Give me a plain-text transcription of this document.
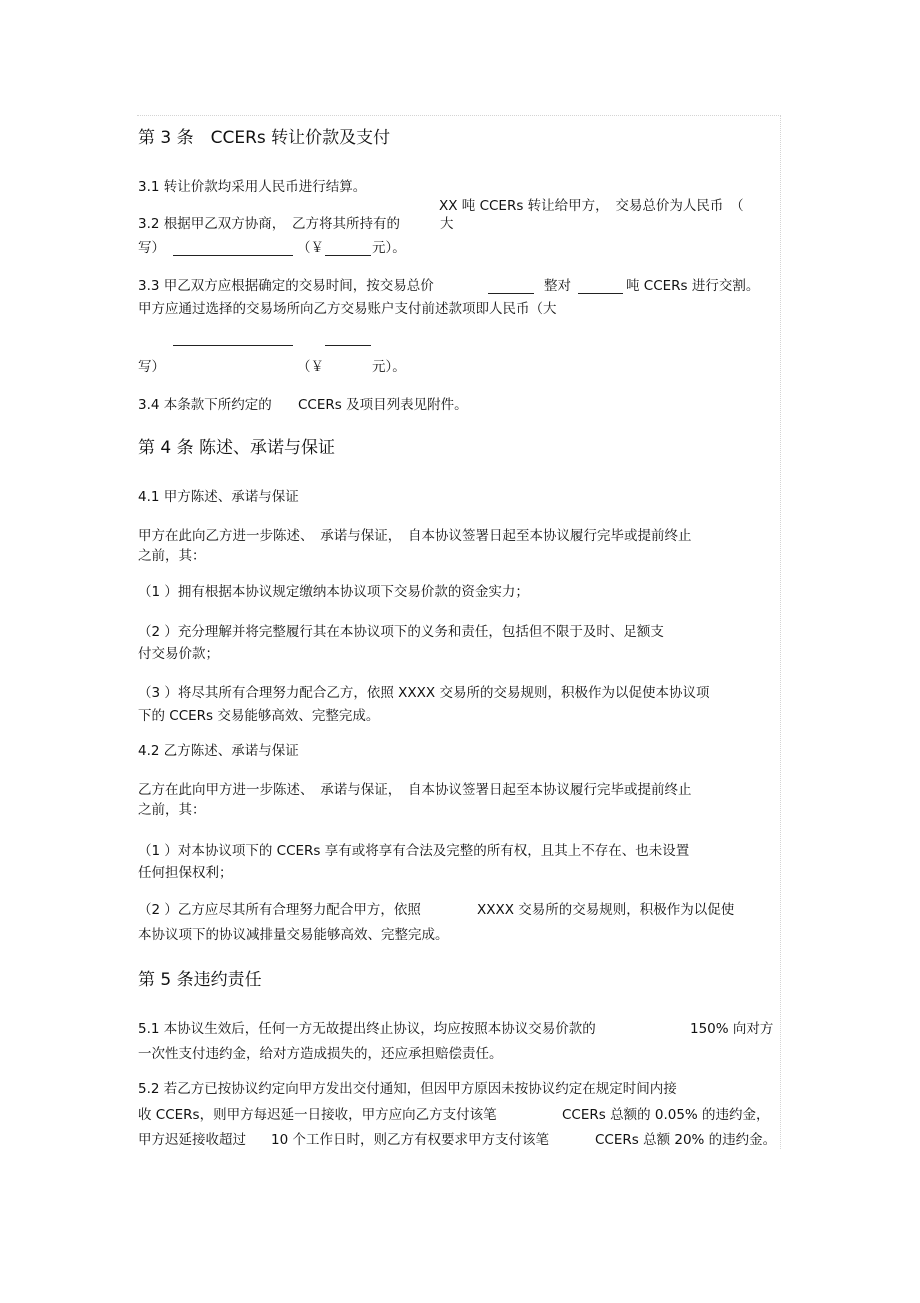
第 3 条　CCERs 转让价款及支付
3.1 转让价款均采用人民币进行结算。
XX 吨 CCERs 转让给甲方，　交易总价为人民币　（
3.2 根据甲乙双方协商，　乙方将其所持有的	大
写）	（￥	元）。
3.3 甲乙双方应根据确定的交易时间，按交易总价	整对	吨 CCERs 进行交割。
甲方应通过选择的交易场所向乙方交易账户支付前述款项即人民币（大
写）	（￥	元）。
3.4 本条款下所约定的 CCERs 及项目列表见附件。
第 4 条 陈述、承诺与保证
4.1 甲方陈述、承诺与保证
甲方在此向乙方进一步陈述、　承诺与保证，　自本协议签署日起至本协议履行完毕或提前终止
之前，其：
（1 ）拥有根据本协议规定缴纳本协议项下交易价款的资金实力；
（2 ）充分理解并将完整履行其在本协议项下的义务和责任，包括但不限于及时、足额支
付交易价款；
（3 ）将尽其所有合理努力配合乙方，依照 XXXX 交易所的交易规则，积极作为以促使本协议项
下的 CCERs 交易能够高效、完整完成。
4.2 乙方陈述、承诺与保证
乙方在此向甲方进一步陈述、　承诺与保证，　自本协议签署日起至本协议履行完毕或提前终止
之前，其：
（1 ）对本协议项下的 CCERs 享有或将享有合法及完整的所有权，且其上不存在、也未设置
任何担保权利；
（2 ）乙方应尽其所有合理努力配合甲方，依照	XXXX 交易所的交易规则，积极作为以促使
本协议项下的协议减排量交易能够高效、完整完成。
第 5 条违约责任
5.1 本协议生效后，任何一方无故提出终止协议，均应按照本协议交易价款的	150% 向对方
一次性支付违约金，给对方造成损失的，还应承担赔偿责任。
5.2 若乙方已按协议约定向甲方发出交付通知，但因甲方原因未按协议约定在规定时间内接
收 CCERs，则甲方每迟延一日接收，甲方应向乙方支付该笔	CCERs 总额的 0.05% 的违约金，
甲方迟延接收超过 10 个工作日时，则乙方有权要求甲方支付该笔	CCERs 总额 20% 的违约金。
